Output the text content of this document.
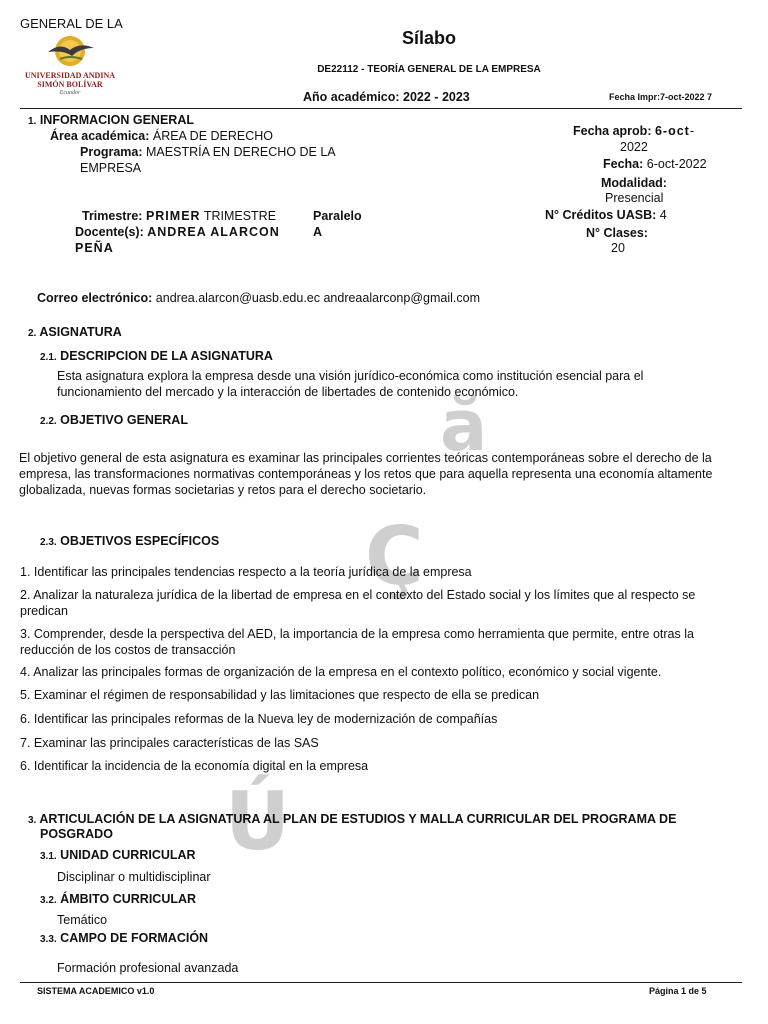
ă
Ç
Ú
GENERAL DE LA
UNIVERSIDAD ANDINA
SIMÓN BOLÍVAR
Ecuador
Sílabo
DE22112 - TEORÍA GENERAL DE LA EMPRESA
Año académico: 2022 - 2023	Fecha Impr:7-oct-2022 7
1. INFORMACION GENERAL
Área académica: ÁREA DE DERECHO
Programa: MAESTRÍA EN DERECHO DE LA
EMPRESA
Trimestre: PRIMER TRIMESTRE
Docente(s): ANDREA ALARCON
PEÑA
Paralelo
A
Fecha aprob: 6-oct-
2022
Fecha: 6-oct-2022
Modalidad:
Presencial
N° Créditos UASB: 4
N° Clases:
20
Correo electrónico: andrea.alarcon@uasb.edu.ec andreaalarconp@gmail.com
2. ASIGNATURA
2.1. DESCRIPCION DE LA ASIGNATURA
Esta asignatura explora la empresa desde una visión jurídico-económica como institución esencial para el
funcionamiento del mercado y la interacción de libertades de contenido económico.
2.2. OBJETIVO GENERAL
El objetivo general de esta asignatura es examinar las principales corrientes teóricas contemporáneas sobre el derecho de la
empresa, las transformaciones normativas contemporáneas y los retos que para aquella representa una economía altamente
globalizada, nuevas formas societarias y retos para el derecho societario.
2.3. OBJETIVOS ESPECÍFICOS
1. Identificar las principales tendencias respecto a la teoría jurídica de la empresa
2. Analizar la naturaleza jurídica de la libertad de empresa en el contexto del Estado social y los límites que al respecto se
predican
3. Comprender, desde la perspectiva del AED, la importancia de la empresa como herramienta que permite, entre otras la
reducción de los costos de transacción
4. Analizar las principales formas de organización de la empresa en el contexto político, económico y social vigente.
5. Examinar el régimen de responsabilidad y las limitaciones que respecto de ella se predican
6. Identificar las principales reformas de la Nueva ley de modernización de compañías
7. Examinar las principales características de las SAS
6. Identificar la incidencia de la economía digital en la empresa
3. ARTICULACIÓN DE LA ASIGNATURA AL PLAN DE ESTUDIOS Y MALLA CURRICULAR DEL PROGRAMA DE
POSGRADO
3.1. UNIDAD CURRICULAR
Disciplinar o multidisciplinar
3.2. ÁMBITO CURRICULAR
Temático
3.3. CAMPO DE FORMACIÓN
Formación profesional avanzada
SISTEMA ACADEMICO v1.0	Página 1 de 5
